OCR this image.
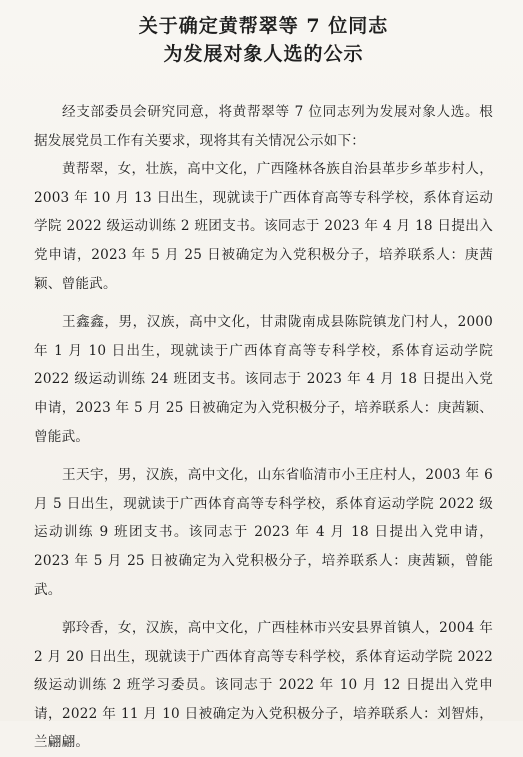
关于确定黄帮翠等 7 位同志
为发展对象人选的公示

经支部委员会研究同意，将黄帮翠等 7 位同志列为发展对象人选。根据发展党员工作有关要求，现将其有关情况公示如下：

黄帮翠，女，壮族，高中文化，广西隆林各族自治县革步乡革步村人，2003 年 10 月 13 日出生，现就读于广西体育高等专科学校，系体育运动学院 2022 级运动训练 2 班团支书。该同志于 2023 年 4 月 18 日提出入党申请，2023 年 5 月 25 日被确定为入党积极分子，培养联系人：庚茜颖、曾能武。

王鑫鑫，男，汉族，高中文化，甘肃陇南成县陈院镇龙门村人，2000 年 1 月 10 日出生，现就读于广西体育高等专科学校，系体育运动学院 2022 级运动训练 24 班团支书。该同志于 2023 年 4 月 18 日提出入党申请，2023 年 5 月 25 日被确定为入党积极分子，培养联系人：庚茜颖、曾能武。

王天宇，男，汉族，高中文化，山东省临清市小王庄村人，2003 年 6 月 5 日出生，现就读于广西体育高等专科学校，系体育运动学院 2022 级运动训练 9 班团支书。该同志于 2023 年 4 月 18 日提出入党申请，2023 年 5 月 25 日被确定为入党积极分子，培养联系人：庚茜颖，曾能武。

郭玲香，女，汉族，高中文化，广西桂林市兴安县界首镇人，2004 年 2 月 20 日出生，现就读于广西体育高等专科学校，系体育运动学院 2022 级运动训练 2 班学习委员。该同志于 2022 年 10 月 12 日提出入党申请，2022 年 11 月 10 日被确定为入党积极分子，培养联系人：刘智炜，兰翩翩。
